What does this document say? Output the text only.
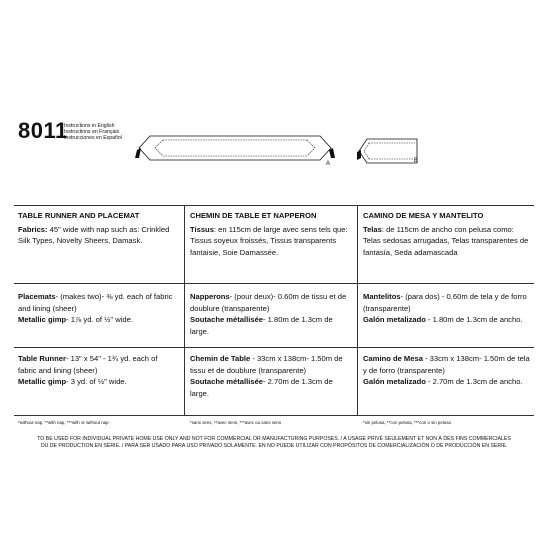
8011
Instructions in English
Instructions en Français
Instrucciones en Español
A	B

TABLE RUNNER AND PLACEMAT

Fabrics: 45" wide with nap such as: Crinkled Silk Types, Novelty Sheers, Damask.

Placemats- (makes two)- ⅜ yd. each of fabric and lining (sheer)

Metallic gimp- 1⅞ yd. of ½" wide.

Table Runner- 13" x 54" - 1¾ yd. each of fabric and lining (sheer)

Metallic gimp- 3 yd. of ½" wide.

*without nap, **with nap, ***with or without nap

CHEMIN DE TABLE ET NAPPERON

Tissus: en 115cm de large avec sens tels que: Tissus soyeux froissés, Tissus transparents fantaisie, Soie Damassée.

Napperons- (pour deux)- 0.60m de tissu et de doublure (transparente)

Soutache métallisée- 1.80m de 1.3cm de large.

Chemin de Table - 33cm x 138cm- 1.50m de tissu et de doublure (transparente)

Soutache métallisée- 2.70m de 1.3cm de large.

*sans sens, **avec sens, ***avec ou sans sens

CAMINO DE MESA Y MANTELITO

Telas: de 115cm de ancho con pelusa como: Telas sedosas arrugadas, Telas transparentes de fantasía, Seda adamascada

Mantelitos- (para dos) - 0.60m de tela y de forro (transparente)

Galón metalizado - 1.80m de 1.3cm de ancho.

Camino de Mesa - 33cm x 138cm- 1.50m de tela y de forro (transparente)

Galón metalizado - 2.70m de 1.3cm de ancho.

*sin pelusa, **con pelusa, ***con o sin pelusa
TO BE USED FOR INDIVIDUAL PRIVATE HOME USE ONLY AND NOT FOR COMMERCIAL OR MANUFACTURING PURPOSES. / A USAGE PRIVÉ SEULEMENT ET NON À DES FINS COMMERCIALES
OU DE PRODUCTION EN SÉRIE. / PARA SER USADO PARA USO PRIVADO SOLAMENTE. EN NO PUEDE UTILIZAR CON PROPÓSITOS DE COMERCIALIZACIÓN O DE PRODUCCIÓN EN SERIE.
